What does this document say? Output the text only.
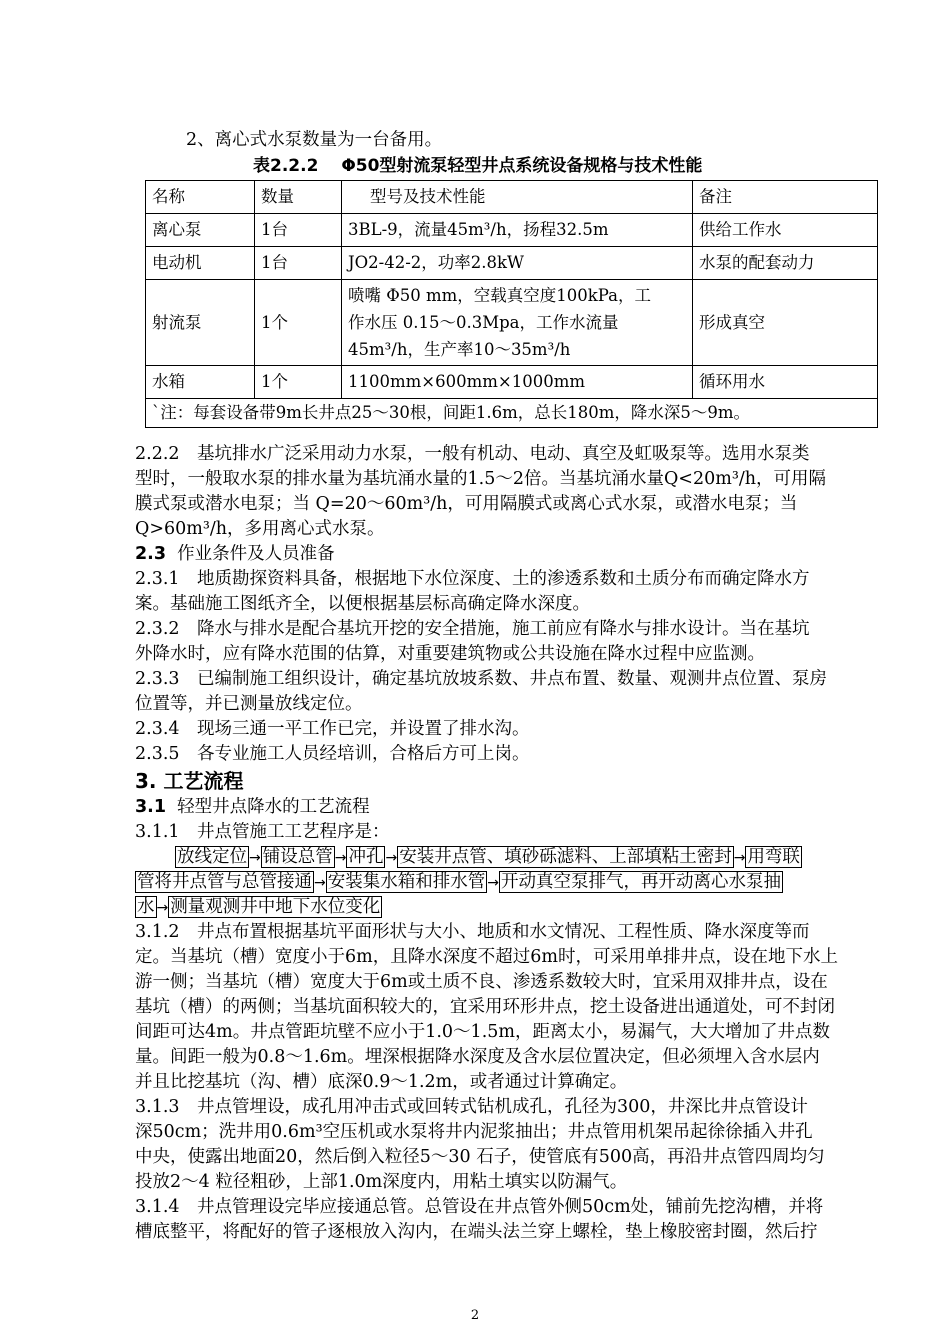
2、离心式水泵数量为一台备用。
表2.2.2　 Φ50型射流泵轻型井点系统设备规格与技术性能
名称	数量	型号及技术性能	备注
离心泵	1台	3BL-9，流量45m³/h，扬程32.5m	供给工作水
电动机	1台	JO2-42-2，功率2.8kW	水泵的配套动力
射流泵	1个	喷嘴 Φ50 mm，空载真空度100kPa，工
作水压 0.15～0.3Mpa，工作水流量
45m³/h，生产率10～35m³/h	形成真空
水箱	1个	1100mm×600mm×1000mm	循环用水
`注：每套设备带9m长井点25～30根，间距1.6m，总长180m，降水深5～9m。			
2.2.2　基坑排水广泛采用动力水泵，一般有机动、电动、真空及虹吸泵等。选用水泵类
型时，一般取水泵的排水量为基坑涌水量的1.5～2倍。当基坑涌水量Q<20m³/h，可用隔
膜式泵或潜水电泵；当 Q=20～60m³/h，可用隔膜式或离心式水泵，或潜水电泵；当
Q>60m³/h，多用离心式水泵。
2.3 作业条件及人员准备
2.3.1　地质勘探资料具备，根据地下水位深度、土的渗透系数和土质分布而确定降水方
案。基础施工图纸齐全，以便根据基层标高确定降水深度。
2.3.2　降水与排水是配合基坑开挖的安全措施，施工前应有降水与排水设计。当在基坑
外降水时，应有降水范围的估算，对重要建筑物或公共设施在降水过程中应监测。
2.3.3　已编制施工组织设计，确定基坑放坡系数、井点布置、数量、观测井点位置、泵房
位置等，并已测量放线定位。
2.3.4　现场三通一平工作已完，并设置了排水沟。
2.3.5　各专业施工人员经培训，合格后方可上岗。
3. 工艺流程
3.1 轻型井点降水的工艺流程
3.1.1　井点管施工工艺程序是：
放线定位 → 铺设总管 → 冲孔 → 安装井点管、填砂砾滤料、上部填粘土密封 → 用弯联
管将井点管与总管接通 → 安装集水箱和排水管 → 开动真空泵排气，再开动离心水泵抽
水 → 测量观测井中地下水位变化
3.1.2　井点布置根据基坑平面形状与大小、地质和水文情况、工程性质、降水深度等而
定。当基坑（槽）宽度小于6m，且降水深度不超过6m时，可采用单排井点，设在地下水上
游一侧；当基坑（槽）宽度大于6m或土质不良、渗透系数较大时，宜采用双排井点，设在
基坑（槽）的两侧；当基坑面积较大的，宜采用环形井点，挖土设备进出通道处，可不封闭
间距可达4m。井点管距坑壁不应小于1.0～1.5m，距离太小，易漏气，大大增加了井点数
量。间距一般为0.8～1.6m。埋深根据降水深度及含水层位置决定，但必须埋入含水层内
并且比挖基坑（沟、槽）底深0.9～1.2m，或者通过计算确定。
3.1.3　井点管埋设，成孔用冲击式或回转式钻机成孔，孔径为300，井深比井点管设计
深50cm；洗井用0.6m³空压机或水泵将井内泥浆抽出；井点管用机架吊起徐徐插入井孔
中央，使露出地面20，然后倒入粒径5～30 石子，使管底有500高，再沿井点管四周均匀
投放2～4 粒径粗砂，上部1.0m深度内，用粘土填实以防漏气。
3.1.4　井点管理设完毕应接通总管。总管设在井点管外侧50cm处，铺前先挖沟槽，并将
槽底整平，将配好的管子逐根放入沟内，在端头法兰穿上螺栓，垫上橡胶密封圈，然后拧
2
